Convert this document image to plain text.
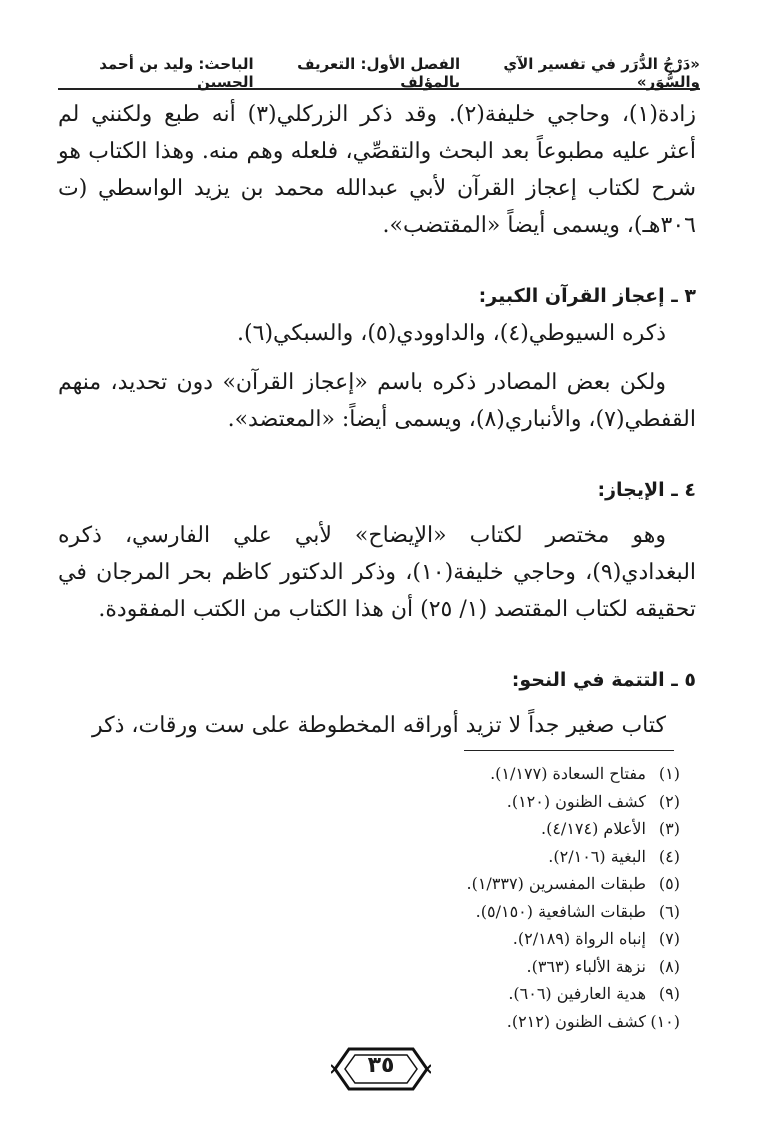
«دَرْجُ الدُّرَر في تفسير الآي والسُّوَر»
الفصل الأول: التعريف بالمؤلف
الباحث: وليد بن أحمد الحسين

زادة(١)، وحاجي خليفة(٢). وقد ذكر الزركلي(٣) أنه طبع ولكنني لم أعثر عليه مطبوعاً بعد البحث والتقصِّي، فلعله وهم منه. وهذا الكتاب هو شرح لكتاب إعجاز القرآن لأبي عبدالله محمد بن يزيد الواسطي (ت ٣٠٦هـ)، ويسمى أيضاً «المقتضب».

٣ ـ إعجاز القرآن الكبير:

ذكره السيوطي(٤)، والداوودي(٥)، والسبكي(٦).

ولكن بعض المصادر ذكره باسم «إعجاز القرآن» دون تحديد، منهم القفطي(٧)، والأنباري(٨)، ويسمى أيضاً: «المعتضد».

٤ ـ الإيجاز:

وهو مختصر لكتاب «الإيضاح» لأبي علي الفارسي، ذكره البغدادي(٩)، وحاجي خليفة(١٠)، وذكر الدكتور كاظم بحر المرجان في تحقيقه لكتاب المقتصد (١/ ٢٥) أن هذا الكتاب من الكتب المفقودة.

٥ ـ التتمة في النحو:

كتاب صغير جداً لا تزيد أوراقه المخطوطة على ست ورقات، ذكر

(١)مفتاح السعادة (١/١٧٧).
(٢)كشف الظنون (١٢٠).
(٣)الأعلام (٤/١٧٤).
(٤)البغية (٢/١٠٦).
(٥)طبقات المفسرين (١/٣٣٧).
(٦)طبقات الشافعية (٥/١٥٠).
(٧)إنباه الرواة (٢/١٨٩).
(٨)نزهة الألباء (٣٦٣).
(٩)هدية العارفين (٦٠٦).
(١٠)كشف الظنون (٢١٢).
٣٥
